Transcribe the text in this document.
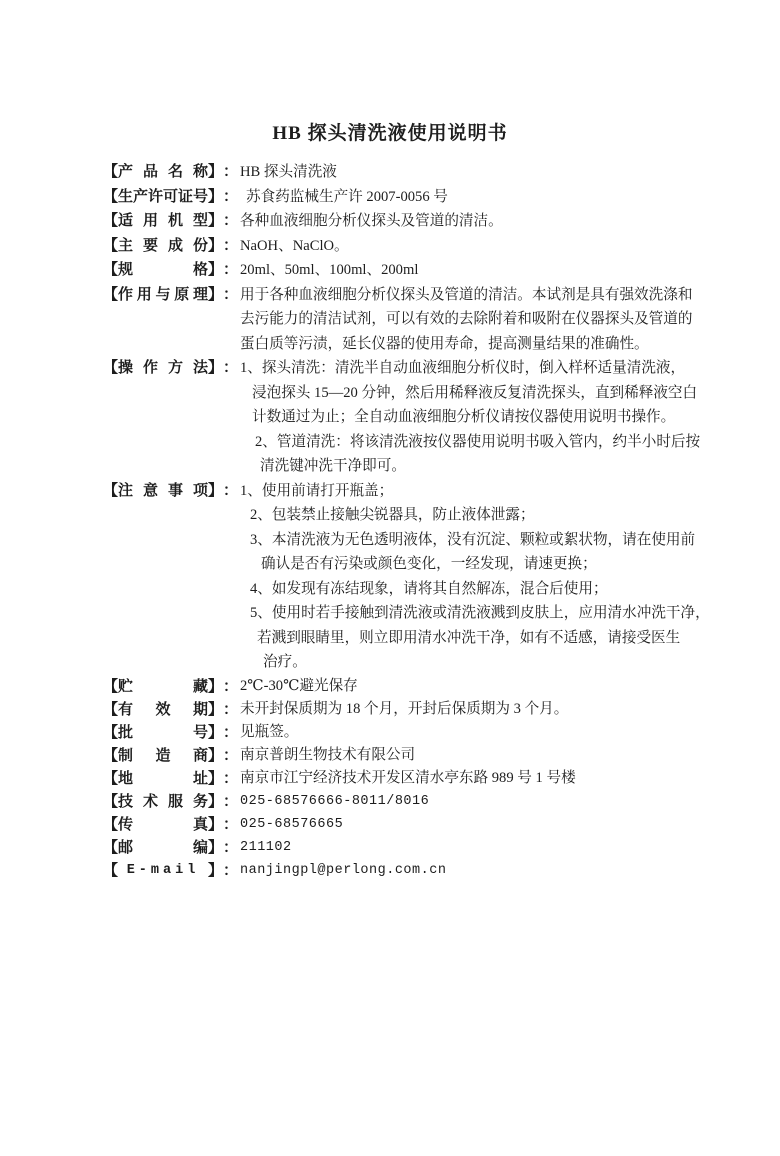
HB 探头清洗液使用说明书
【产品名称】： HB 探头清洗液
【生产许可证号】： 苏食药监械生产许 2007-0056 号
【适用机型】： 各种血液细胞分析仪探头及管道的清洁。
【主要成份】： NaOH、NaClO。
【规格】： 20ml、50ml、100ml、200ml
【作用与原理】： 用于各种血液细胞分析仪探头及管道的清洁。本试剂是具有强效洗涤和
去污能力的清洁试剂，可以有效的去除附着和吸附在仪器探头及管道的
蛋白质等污渍，延长仪器的使用寿命，提高测量结果的准确性。
【操作方法】： 1、探头清洗：清洗半自动血液细胞分析仪时，倒入样杯适量清洗液，
浸泡探头 15—20 分钟，然后用稀释液反复清洗探头，直到稀释液空白
计数通过为止；全自动血液细胞分析仪请按仪器使用说明书操作。
2、管道清洗：将该清洗液按仪器使用说明书吸入管内，约半小时后按
清洗键冲洗干净即可。
【注意事项】： 1、使用前请打开瓶盖；
2、包装禁止接触尖锐器具，防止液体泄露；
3、本清洗液为无色透明液体，没有沉淀、颗粒或絮状物，请在使用前
确认是否有污染或颜色变化，一经发现，请速更换；
4、如发现有冻结现象，请将其自然解冻，混合后使用；
5、使用时若手接触到清洗液或清洗液溅到皮肤上，应用清水冲洗干净，
若溅到眼睛里，则立即用清水冲洗干净，如有不适感，请接受医生
治疗。
【贮藏】： 2℃-30℃避光保存
【有效期】： 未开封保质期为 18 个月，开封后保质期为 3 个月。
【批号】： 见瓶签。
【制造商】： 南京普朗生物技术有限公司
【地址】： 南京市江宁经济技术开发区清水亭东路 989 号 1 号楼
【技术服务】： 025-68576666-8011/8016
【传真】： 025-68576665
【邮编】： 211102
【 E-mail 】： nanjingpl@perlong.com.cn
